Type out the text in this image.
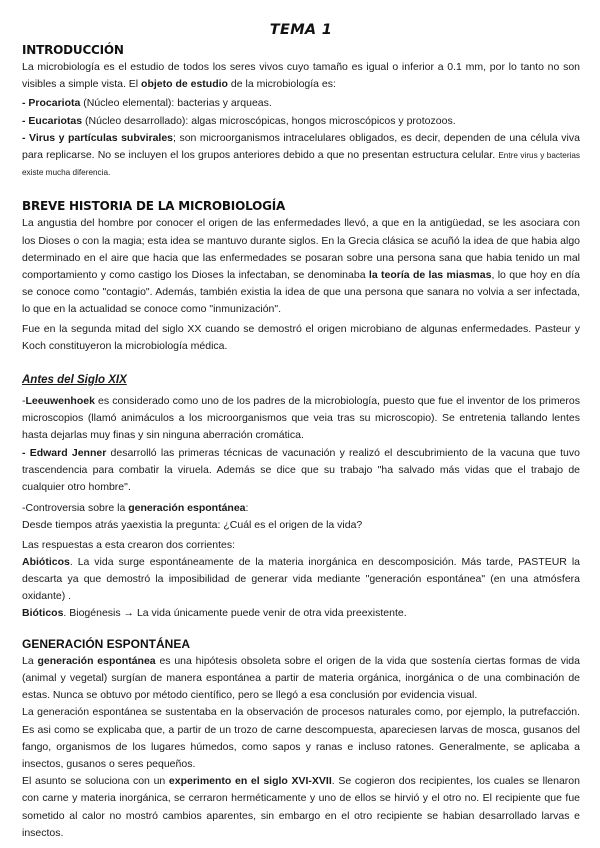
TEMA 1
INTRODUCCIÓN

La microbiología es el estudio de todos los seres vivos cuyo tamaño es igual o inferior a 0.1 mm, por lo tanto no son visibles a simple vista. El objeto de estudio de la microbiología es:

- Procariota (Núcleo elemental): bacterias y arqueas.

- Eucariotas (Núcleo desarrollado): algas microscópicas, hongos microscópicos y protozoos.

- Virus y partículas subvirales; son microorganismos intracelulares obligados, es decir, dependen de una célula viva para replicarse. No se incluyen el los grupos anteriores debido a que no presentan estructura celular. Entre virus y bacterias existe mucha diferencia.

BREVE HISTORIA DE LA MICROBIOLOGÍA

La angustia del hombre por conocer el origen de las enfermedades llevó, a que en la antigüedad, se les asociara con los Dioses o con la magia; esta idea se mantuvo durante siglos. En la Grecia clásica se acuñó la idea de que habia algo determinado en el aire que hacia que las enfermedades se posaran sobre una persona sana que habia tenido un mal comportamiento y como castigo los Dioses la infectaban, se denominaba la teoría de las miasmas, lo que hoy en día se conoce como "contagio". Además, también existia la idea de que una persona que sanara no volvia a ser infectada, lo que en la actualidad se conoce como "inmunización".

Fue en la segunda mitad del siglo XX cuando se demostró el origen microbiano de algunas enfermedades. Pasteur y Koch constituyeron la microbiología médica.

Antes del Siglo XIX

-Leeuwenhoek es considerado como uno de los padres de la microbiología, puesto que fue el inventor de los primeros microscopios (llamó animáculos a los microorganismos que veia tras su microscopio). Se entretenia tallando lentes hasta dejarlas muy finas y sin ninguna aberración cromática.

- Edward Jenner desarrolló las primeras técnicas de vacunación y realizó el descubrimiento de la vacuna que tuvo trascendencia para combatir la viruela. Además se dice que su trabajo "ha salvado más vidas que el trabajo de cualquier otro hombre".

-Controversia sobre la generación espontánea:

Desde tiempos atrás yaexistia la pregunta: ¿Cuál es el origen de la vida?

Las respuestas a esta crearon dos corrientes:

Abióticos. La vida surge espontáneamente de la materia inorgánica en descomposición. Más tarde, PASTEUR la descarta ya que demostró la imposibilidad de generar vida mediante "generación espontánea" (en una atmósfera oxidante) .

Bióticos. Biogénesis → La vida únicamente puede venir de otra vida preexistente.

GENERACIÓN ESPONTÁNEA

La generación espontánea es una hipótesis obsoleta sobre el origen de la vida que sostenía ciertas formas de vida (animal y vegetal) surgían de manera espontánea a partir de materia orgánica, inorgánica o de una combinación de estas. Nunca se obtuvo por método científico, pero se llegó a esa conclusión por evidencia visual.

La generación espontánea se sustentaba en la observación de procesos naturales como, por ejemplo, la putrefacción. Es asi como se explicaba que, a partir de un trozo de carne descompuesta, apareciesen larvas de mosca, gusanos del fango, organismos de los lugares húmedos, como sapos y ranas e incluso ratones. Generalmente, se aplicaba a insectos, gusanos o seres pequeños.

El asunto se soluciona con un experimento en el siglo XVI-XVII. Se cogieron dos recipientes, los cuales se llenaron con carne y materia inorgánica, se cerraron herméticamente y uno de ellos se hirvió y el otro no. El recipiente que fue sometido al calor no mostró cambios aparentes, sin embargo en el otro recipiente se habian desarrollado larvas e insectos.
